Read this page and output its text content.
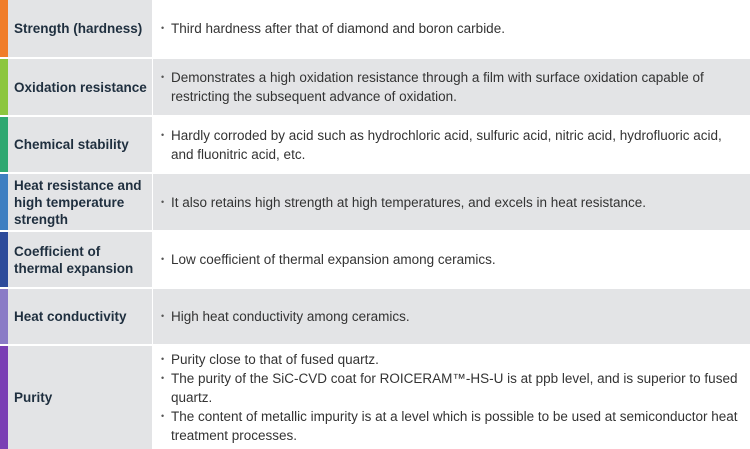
Strength (hardness)	• Third hardness after that of diamond and boron carbide.
Oxidation resistance
• Demonstrates a high oxidation resistance through a film with surface oxidation capable of restricting the subsequent advance of oxidation.
Chemical stability
• Hardly corroded by acid such as hydrochloric acid, sulfuric acid, nitric acid, hydrofluoric acid, and fluonitric acid, etc.
Heat resistance and high temperature strength
• It also retains high strength at high temperatures, and excels in heat resistance.
Coefficient of thermal expansion
• Low coefficient of thermal expansion among ceramics.
Heat conductivity	• High heat conductivity among ceramics.
Purity
• Purity close to that of fused quartz.
• The purity of the SiC-CVD coat for ROICERAM™-HS-U is at ppb level, and is superior to fused quartz.
• The content of metallic impurity is at a level which is possible to be used at semiconductor heat treatment processes.
